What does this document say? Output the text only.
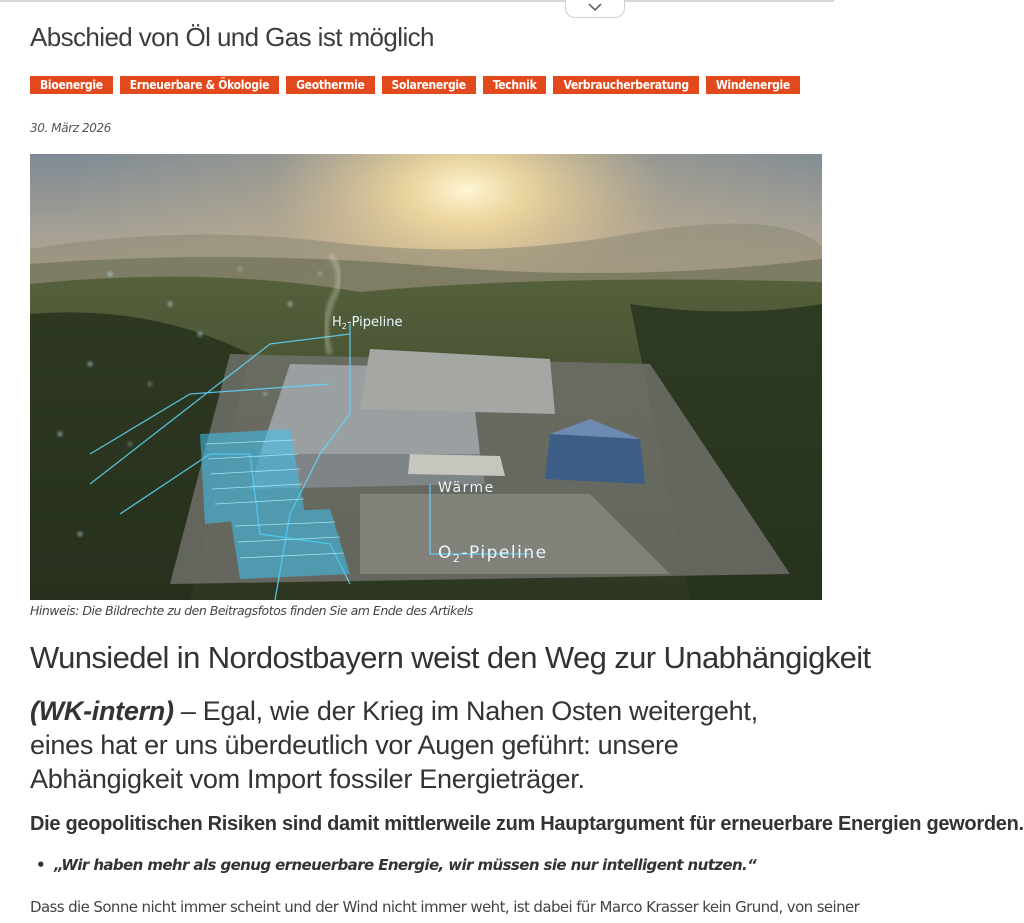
Abschied von Öl und Gas ist möglich
Bioenergie Erneuerbare & Ökologie Geothermie Solarenergie Technik Verbraucherberatung Windenergie
30. März 2026
$H_2$-Pipeline
Wärme
$O_2$-Pipeline
Hinweis: Die Bildrechte zu den Beitragsfotos finden Sie am Ende des Artikels
Wunsiedel in Nordostbayern weist den Weg zur Unabhängigkeit

(WK-intern) – Egal, wie der Krieg im Nahen Osten weitergeht, eines hat er uns überdeutlich vor Augen geführt: unsere Abhängigkeit vom Import fossiler Energieträger.

Die geopolitischen Risiken sind damit mittlerweile zum Hauptargument für erneuerbare Energien geworden.
• „Wir haben mehr als genug erneuerbare Energie, wir müssen sie nur intelligent nutzen.“

Dass die Sonne nicht immer scheint und der Wind nicht immer weht, ist dabei für Marco Krasser kein Grund, von seiner
